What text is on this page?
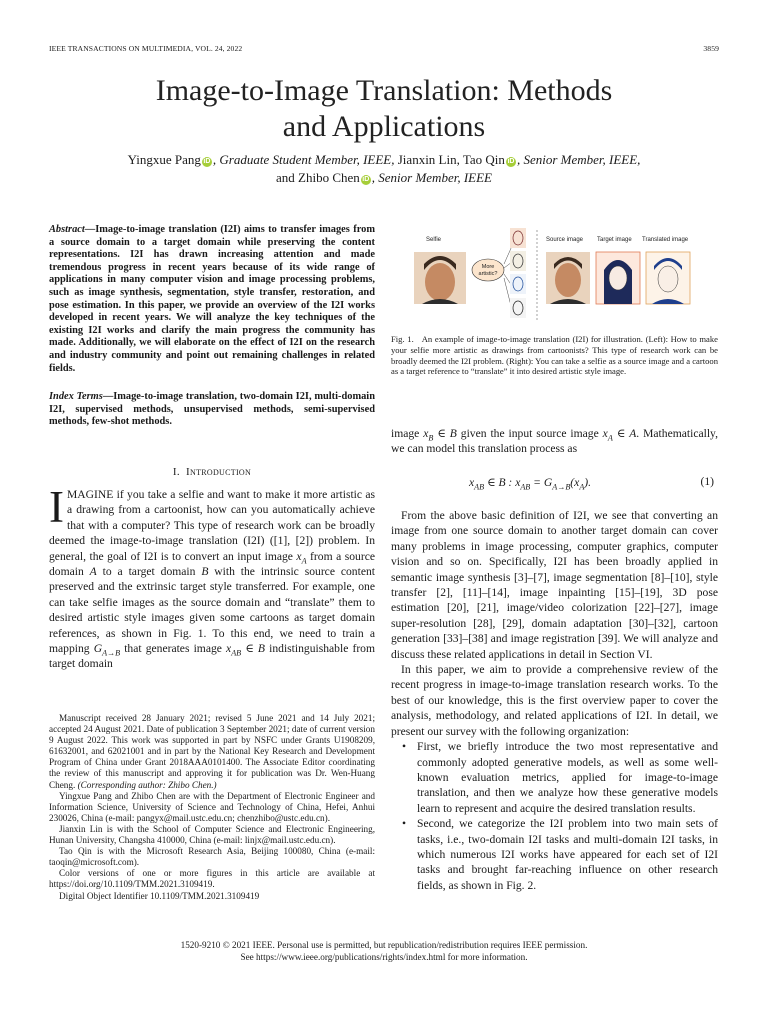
IEEE TRANSACTIONS ON MULTIMEDIA, VOL. 24, 2022	3859
Image-to-Image Translation: Methods
and Applications
Yingxue Pang iD , Graduate Student Member, IEEE, Jianxin Lin, Tao Qin iD , Senior Member, IEEE,
and Zhibo Chen iD , Senior Member, IEEE
Abstract—Image-to-image translation (I2I) aims to transfer images from a source domain to a target domain while preserving the content representations. I2I has drawn increasing attention and made tremendous progress in recent years because of its wide range of applications in many computer vision and image processing problems, such as image synthesis, segmentation, style transfer, restoration, and pose estimation. In this paper, we provide an overview of the I2I works developed in recent years. We will analyze the key techniques of the existing I2I works and clarify the main progress the community has made. Additionally, we will elaborate on the effect of I2I on the research and industry community and point out remaining challenges in related fields.
Index Terms—Image-to-image translation, two-domain I2I, multi-domain I2I, supervised methods, unsupervised methods, semi-supervised methods, few-shot methods.
I. Introduction
IMAGINE if you take a selfie and want to make it more artistic as a drawing from a cartoonist, how can you automatically achieve that with a computer? This type of research work can be broadly deemed the image-to-image translation (I2I) ([1], [2]) problem. In general, the goal of I2I is to convert an input image $x_A$ from a source domain A to a target domain B with the intrinsic source content preserved and the extrinsic target style transferred. For example, one can take selfie images as the source domain and “translate” them to desired artistic style images given some cartoons as target domain references, as shown in Fig. 1. To this end, we need to train a mapping $G_{A\to B}$ that generates image $x_{AB}$ ∈ B indistinguishable from target domain

Manuscript received 28 January 2021; revised 5 June 2021 and 14 July 2021; accepted 24 August 2021. Date of publication 3 September 2021; date of current version 9 August 2022. This work was supported in part by NSFC under Grants U1908209, 61632001, and 62021001 and in part by the National Key Research and Development Program of China under Grant 2018AAA0101400. The Associate Editor coordinating the review of this manuscript and approving it for publication was Dr. Wen-Huang Cheng. (Corresponding author: Zhibo Chen.)

Yingxue Pang and Zhibo Chen are with the Department of Electronic Engineer and Information Science, University of Science and Technology of China, Hefei, Anhui 230026, China (e-mail: pangyx@mail.ustc.edu.cn; chenzhibo@ustc.edu.cn).

Jianxin Lin is with the School of Computer Science and Electronic Engineering, Hunan University, Changsha 410000, China (e-mail: linjx@mail.ustc.edu.cn).

Tao Qin is with the Microsoft Research Asia, Beijing 100080, China (e-mail: taoqin@microsoft.com).

Color versions of one or more figures in this article are available at https://doi.org/10.1109/TMM.2021.3109419.

Digital Object Identifier 10.1109/TMM.2021.3109419

Selfie
More
artistic?
Source image Target image Translated image
Fig. 1. An example of image-to-image translation (I2I) for illustration. (Left): How to make your selfie more artistic as drawings from cartoonists? This type of research work can be broadly deemed the I2I problem. (Right): You can take a selfie as a source image and a cartoon as a target reference to “translate” it into desired artistic style image.
image $x_B$ ∈ B given the input source image $x_A$ ∈ A. Mathematically, we can model this translation process as
$x_{AB}$ ∈ B : $x_{AB} = G_{A\to B}(x_A)$.	(1)

From the above basic definition of I2I, we see that converting an image from one source domain to another target domain can cover many problems in image processing, computer graphics, computer vision and so on. Specifically, I2I has been broadly applied in semantic image synthesis [3]–[7], image segmentation [8]–[10], style transfer [2], [11]–[14], image inpainting [15]–[19], 3D pose estimation [20], [21], image/video colorization [22]–[27], image super-resolution [28], [29], domain adaptation [30]–[32], cartoon generation [33]–[38] and image registration [39]. We will analyze and discuss these related applications in detail in Section VI.

In this paper, we aim to provide a comprehensive review of the recent progress in image-to-image translation research works. To the best of our knowledge, this is the first overview paper to cover the analysis, methodology, and related applications of I2I. In detail, we present our survey with the following organization:

• First, we briefly introduce the two most representative and commonly adopted generative models, as well as some well-known evaluation metrics, applied for image-to-image translation, and then we analyze how these generative models learn to represent and acquire the desired translation results.
• Second, we categorize the I2I problem into two main sets of tasks, i.e., two-domain I2I tasks and multi-domain I2I tasks, in which numerous I2I works have appeared for each set of I2I tasks and brought far-reaching influence on other research fields, as shown in Fig. 2.
1520-9210 © 2021 IEEE. Personal use is permitted, but republication/redistribution requires IEEE permission.
See https://www.ieee.org/publications/rights/index.html for more information.
